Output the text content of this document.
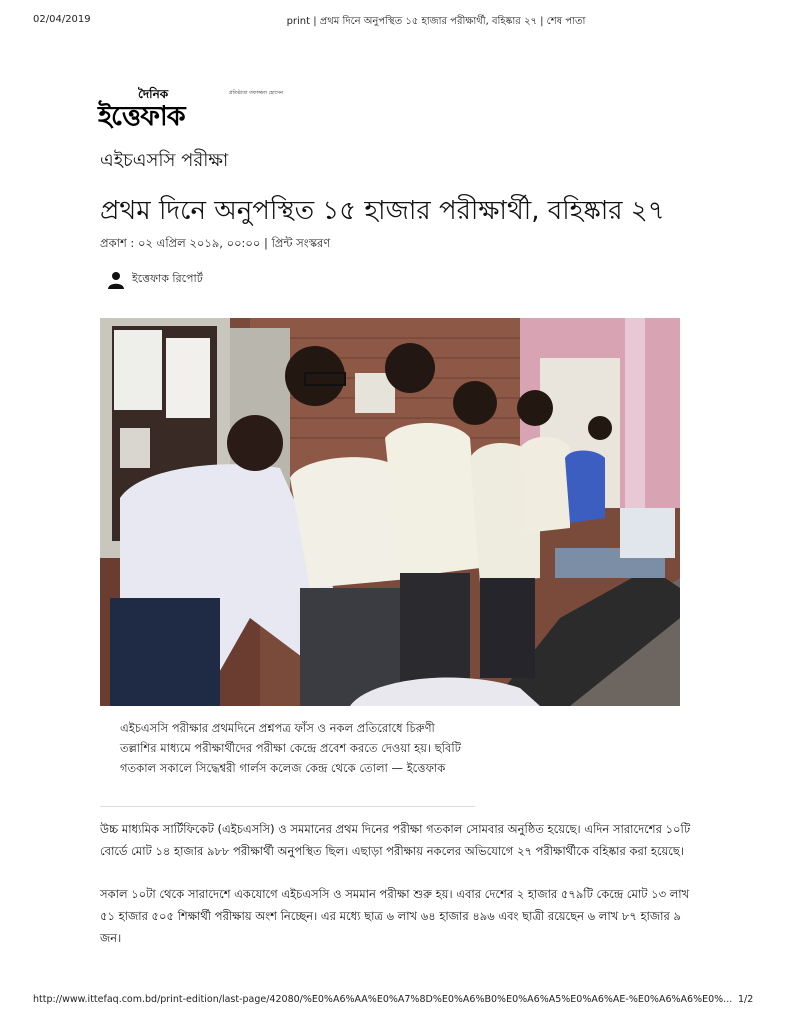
02/04/2019	print | প্রথম দিনে অনুপস্থিত ১৫ হাজার পরীক্ষার্থী, বহিষ্কার ২৭ | শেষ পাতা
দৈনিক
ইত্তেফাক
প্রতিষ্ঠাতা তফাজ্জল হোসেন
এইচএসসি পরীক্ষা
প্রথম দিনে অনুপস্থিত ১৫ হাজার পরীক্ষার্থী, বহিষ্কার ২৭
প্রকাশ : ০২ এপ্রিল ২০১৯, ০০:০০ | প্রিন্ট সংস্করণ
ইত্তেফাক রিপোর্ট
এইচএসসি পরীক্ষার প্রথমদিনে প্রশ্নপত্র ফাঁস ও নকল প্রতিরোধে চিরুণী তল্লাশির মাধ্যমে পরীক্ষার্থীদের পরীক্ষা কেন্দ্রে প্রবেশ করতে দেওয়া হয়। ছবিটি গতকাল সকালে সিদ্ধেশ্বরী গার্লস কলেজ কেন্দ্র থেকে তোলা — ইত্তেফাক
উচ্চ মাধ্যমিক সার্টিফিকেট (এইচএসসি) ও সমমানের প্রথম দিনের পরীক্ষা গতকাল সোমবার অনুষ্ঠিত হয়েছে। এদিন সারাদেশের ১০টি বোর্ডে মোট ১৪ হাজার ৯৮৮ পরীক্ষার্থী অনুপস্থিত ছিল। এছাড়া পরীক্ষায় নকলের অভিযোগে ২৭ পরীক্ষার্থীকে বহিষ্কার করা হয়েছে।
সকাল ১০টা থেকে সারাদেশে একযোগে এইচএসসি ও সমমান পরীক্ষা শুরু হয়। এবার দেশের ২ হাজার ৫৭৯টি কেন্দ্রে মোট ১৩ লাখ ৫১ হাজার ৫০৫ শিক্ষার্থী পরীক্ষায় অংশ নিচ্ছেন। এর মধ্যে ছাত্র ৬ লাখ ৬৪ হাজার ৪৯৬ এবং ছাত্রী রয়েছেন ৬ লাখ ৮৭ হাজার ৯ জন।
http://www.ittefaq.com.bd/print-edition/last-page/42080/%E0%A6%AA%E0%A7%8D%E0%A6%B0%E0%A6%A5%E0%A6%AE-%E0%A6%A6%E0%... 1/2
